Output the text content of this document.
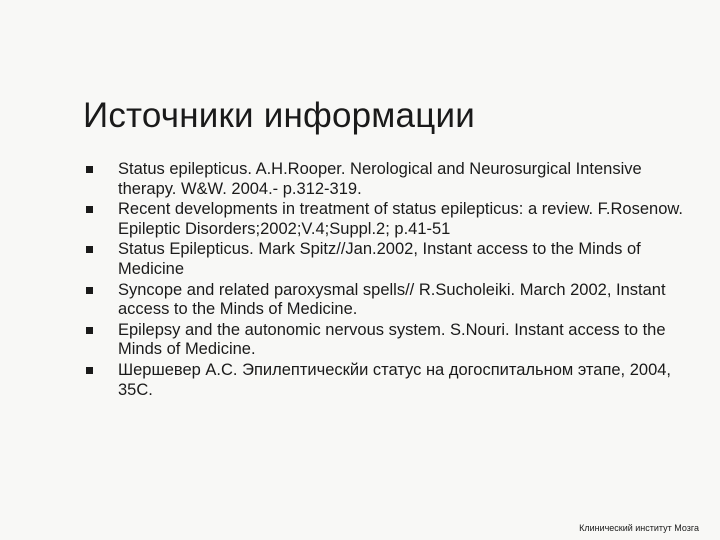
Источники информации
Status epilepticus. A.H.Rooper. Nerological and Neurosurgical Intensive therapy. W&W. 2004.- p.312-319.
Recent developments in treatment of status epilepticus: a review. F.Rosenow. Epileptic Disorders;2002;V.4;Suppl.2; p.41-51
Status Epilepticus. Mark Spitz//Jan.2002, Instant access to the Minds of Medicine
Syncope and related paroxysmal spells// R.Sucholeiki. March 2002, Instant access to the Minds of Medicine.
Epilepsy and the autonomic nervous system. S.Nouri. Instant access to the Minds of Medicine.
Шершевер А.С. Эпилептическйи статус на догоспитальном этапе, 2004, 35С.
Клинический институт Мозга
